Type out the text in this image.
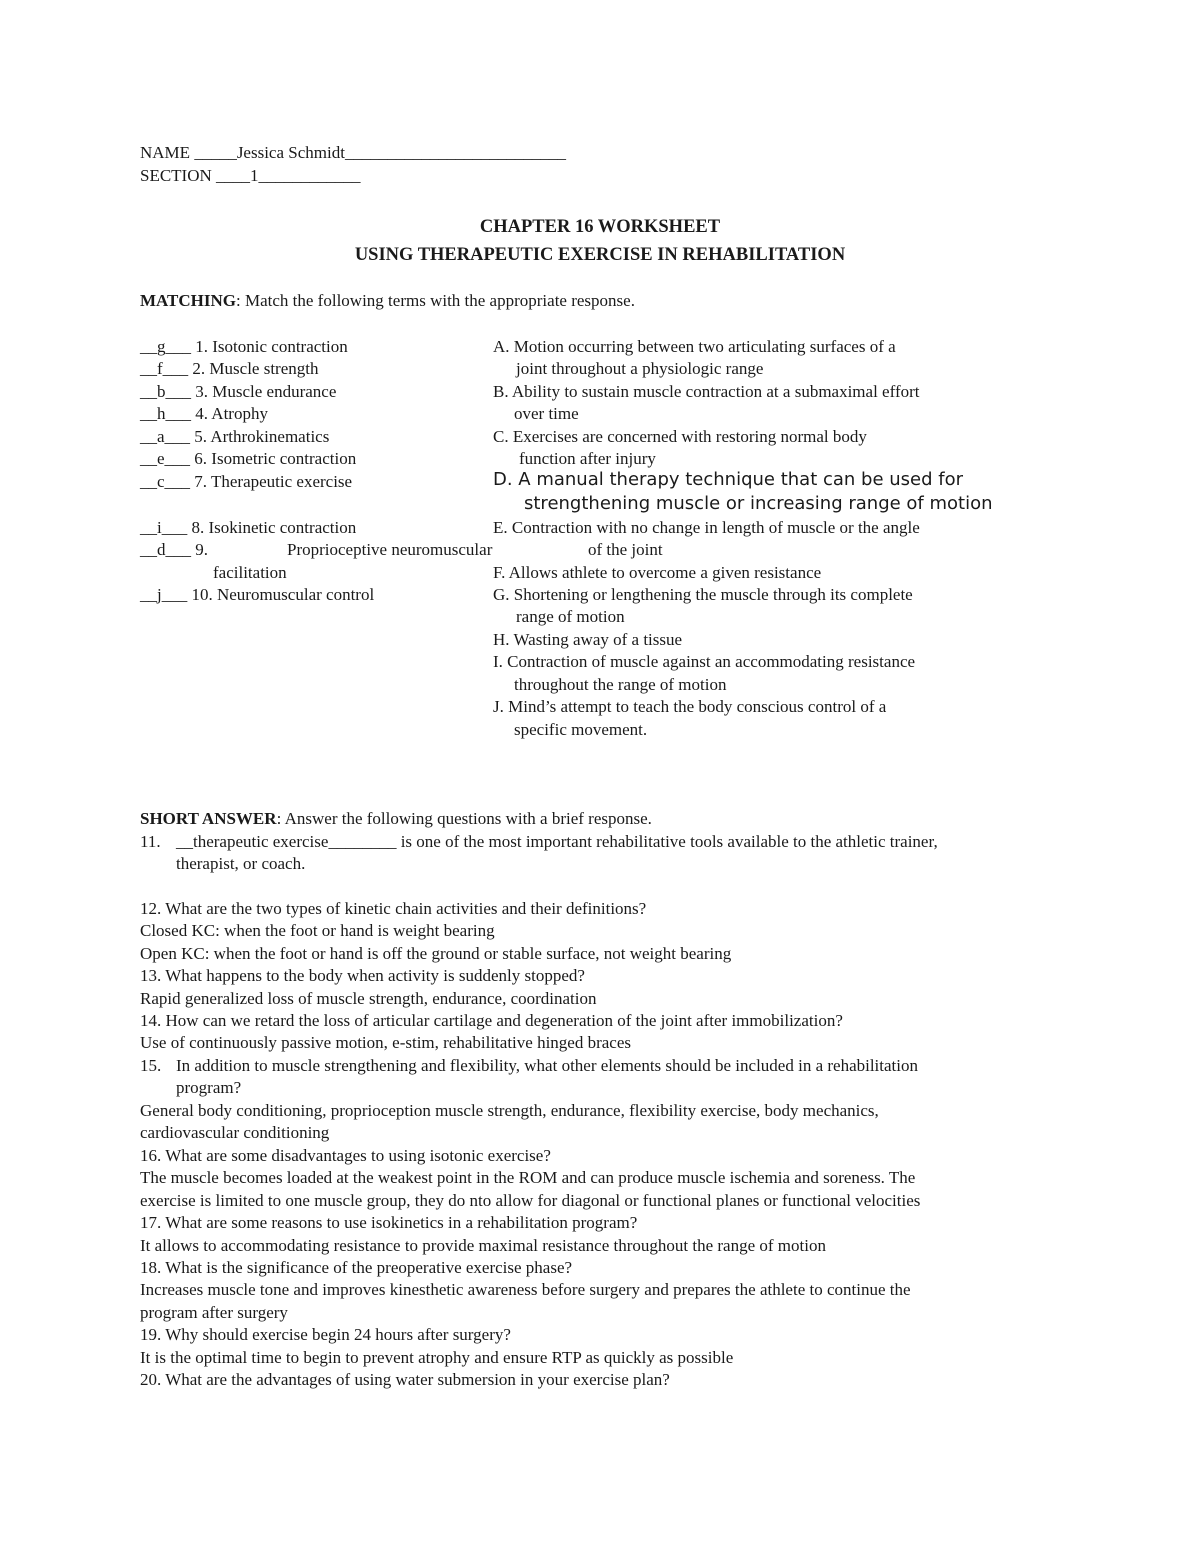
NAME _____Jessica Schmidt__________________________
SECTION ____1____________
CHAPTER 16 WORKSHEET
USING THERAPEUTIC EXERCISE IN REHABILITATION
MATCHING: Match the following terms with the appropriate response.
__g___ 1. Isotonic contraction
__f___ 2. Muscle strength
__b___ 3. Muscle endurance
__h___ 4. Atrophy
__a___ 5. Arthrokinematics
__e___ 6. Isometric contraction
__c___ 7. Therapeutic exercise
__i___ 8. Isokinetic contraction
__d___ 9.	Proprioceptive neuromuscular
facilitation
__j___ 10. Neuromuscular control
A. Motion occurring between two articulating surfaces of a
joint throughout a physiologic range
B. Ability to sustain muscle contraction at a submaximal effort
over time
C. Exercises are concerned with restoring normal body
function after injury
D. A manual therapy technique that can be used for
strengthening muscle or increasing range of motion
E. Contraction with no change in length of muscle or the angle
of the joint
F. Allows athlete to overcome a given resistance
G. Shortening or lengthening the muscle through its complete
range of motion
H. Wasting away of a tissue
I. Contraction of muscle against an accommodating resistance
throughout the range of motion
J. Mind’s attempt to teach the body conscious control of a
specific movement.
SHORT ANSWER: Answer the following questions with a brief response.
11. __therapeutic exercise________ is one of the most important rehabilitative tools available to the athletic trainer,
therapist, or coach.
12. What are the two types of kinetic chain activities and their definitions?
Closed KC: when the foot or hand is weight bearing
Open KC: when the foot or hand is off the ground or stable surface, not weight bearing
13. What happens to the body when activity is suddenly stopped?
Rapid generalized loss of muscle strength, endurance, coordination
14. How can we retard the loss of articular cartilage and degeneration of the joint after immobilization?
Use of continuously passive motion, e-stim, rehabilitative hinged braces
15. In addition to muscle strengthening and flexibility, what other elements should be included in a rehabilitation
program?
General body conditioning, proprioception muscle strength, endurance, flexibility exercise, body mechanics,
cardiovascular conditioning
16. What are some disadvantages to using isotonic exercise?
The muscle becomes loaded at the weakest point in the ROM and can produce muscle ischemia and soreness. The
exercise is limited to one muscle group, they do nto allow for diagonal or functional planes or functional velocities
17. What are some reasons to use isokinetics in a rehabilitation program?
It allows to accommodating resistance to provide maximal resistance throughout the range of motion
18. What is the significance of the preoperative exercise phase?
Increases muscle tone and improves kinesthetic awareness before surgery and prepares the athlete to continue the
program after surgery
19. Why should exercise begin 24 hours after surgery?
It is the optimal time to begin to prevent atrophy and ensure RTP as quickly as possible
20. What are the advantages of using water submersion in your exercise plan?
